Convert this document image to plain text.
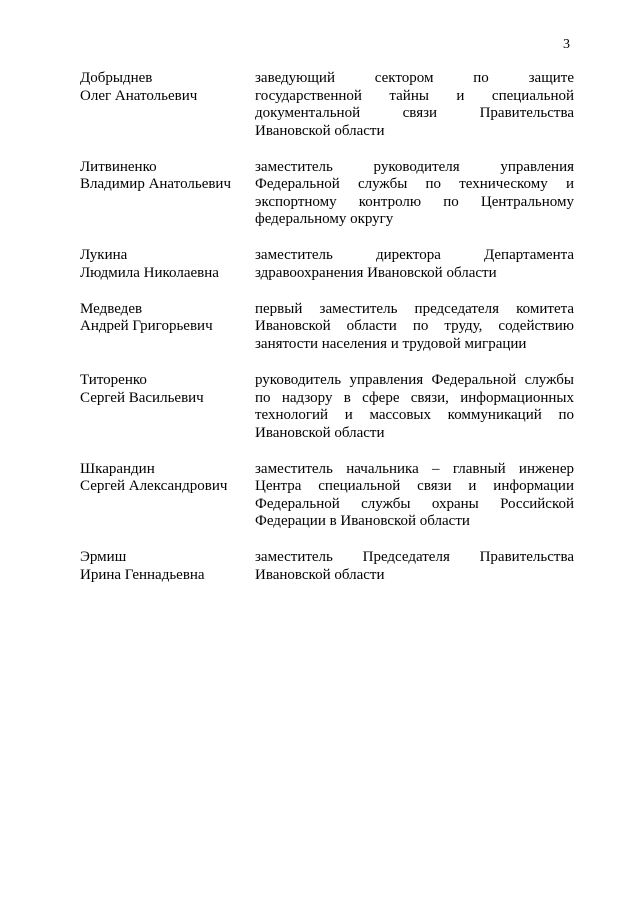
3
Добрыднев
Олег Анатольевич
заведующий сектором по защите государственной тайны и специальной документальной связи Правительства Ивановской области
Литвиненко
Владимир Анатольевич
заместитель руководителя управления Федеральной службы по техническому и экспортному контролю по Центральному федеральному округу
Лукина
Людмила Николаевна
заместитель директора Департамента здравоохранения Ивановской области
Медведев
Андрей Григорьевич
первый заместитель председателя комитета Ивановской области по труду, содействию занятости населения и трудовой миграции
Титоренко
Сергей Васильевич
руководитель управления Федеральной службы по надзору в сфере связи, информационных технологий и массовых коммуникаций по Ивановской области
Шкарандин
Сергей Александрович
заместитель начальника – главный инженер Центра специальной связи и информации Федеральной службы охраны Российской Федерации в Ивановской области
Эрмиш
Ирина Геннадьевна
заместитель Председателя Правительства Ивановской области
